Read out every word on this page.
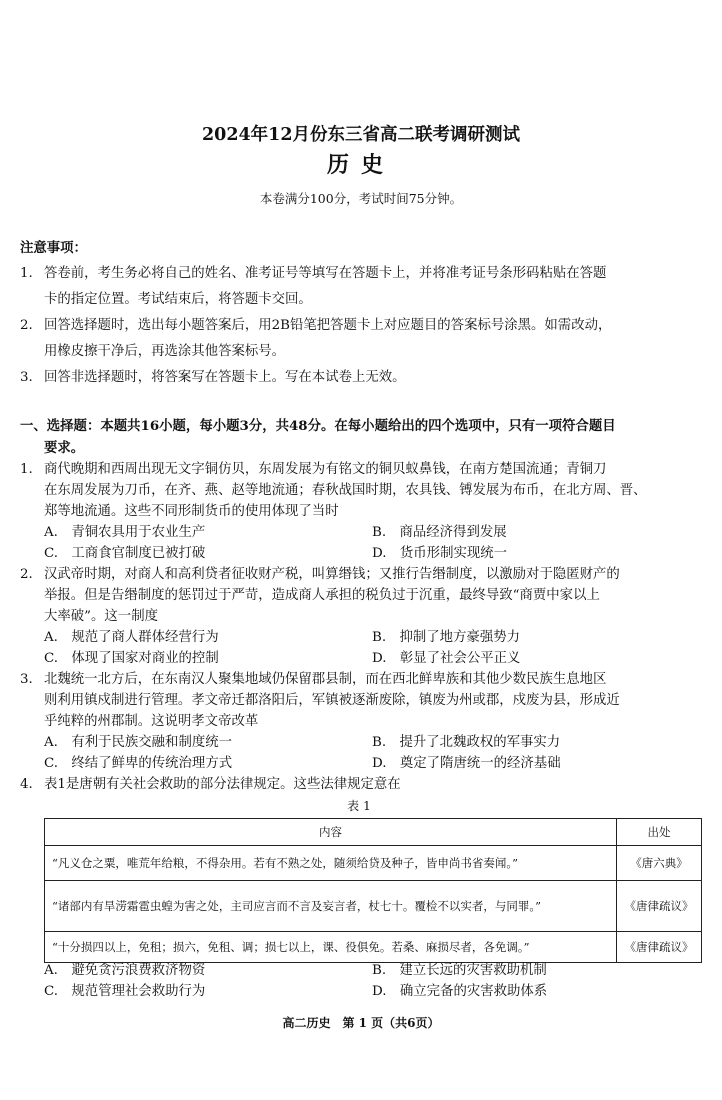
2024年12月份东三省高二联考调研测试
历史
本卷满分100分，考试时间75分钟。
注意事项：
1. 答卷前，考生务必将自己的姓名、准考证号等填写在答题卡上，并将准考证号条形码粘贴在答题
卡的指定位置。考试结束后，将答题卡交回。
2. 回答选择题时，选出每小题答案后，用2B铅笔把答题卡上对应题目的答案标号涂黑。如需改动，
用橡皮擦干净后，再选涂其他答案标号。
3. 回答非选择题时，将答案写在答题卡上。写在本试卷上无效。
一、选择题：本题共16小题，每小题3分，共48分。在每小题给出的四个选项中，只有一项符合题目
要求。
1. 商代晚期和西周出现无文字铜仿贝，东周发展为有铭文的铜贝蚁鼻钱，在南方楚国流通；青铜刀
在东周发展为刀币，在齐、燕、赵等地流通；春秋战国时期，农具钱、镈发展为布币，在北方周、晋、
郑等地流通。这些不同形制货币的使用体现了当时
A.　青铜农具用于农业生产	B.　商品经济得到发展
C.　工商食官制度已被打破	D.　货币形制实现统一
2. 汉武帝时期，对商人和高利贷者征收财产税，叫算缗钱；又推行告缗制度，以激励对于隐匿财产的
举报。但是告缗制度的惩罚过于严苛，造成商人承担的税负过于沉重，最终导致“商贾中家以上
大率破”。这一制度
A.　规范了商人群体经营行为	B.　抑制了地方豪强势力
C.　体现了国家对商业的控制	D.　彰显了社会公平正义
3. 北魏统一北方后，在东南汉人聚集地域仍保留郡县制，而在西北鲜卑族和其他少数民族生息地区
则利用镇戍制进行管理。孝文帝迁都洛阳后，军镇被逐渐废除，镇废为州或郡，戍废为县，形成近
乎纯粹的州郡制。这说明孝文帝改革
A.　有利于民族交融和制度统一	B.　提升了北魏政权的军事实力
C.　终结了鲜卑的传统治理方式	D.　奠定了隋唐统一的经济基础
4. 表1是唐朝有关社会救助的部分法律规定。这些法律规定意在
表1
内容	出处
“凡义仓之粟，唯荒年给粮，不得杂用。若有不熟之处，随须给贷及种子，皆申尚书省奏闻。”	《唐六典》
“诸部内有旱涝霜雹虫蝗为害之处，主司应言而不言及妄言者，杖七十。覆检不以实者，与同罪。”	《唐律疏议》
“十分损四以上，免租；损六，免租、调；损七以上，课、役俱免。若桑、麻损尽者，各免调。”	《唐律疏议》
A.　避免贪污浪费救济物资	B.　建立长远的灾害救助机制
C.　规范管理社会救助行为	D.　确立完备的灾害救助体系
高二历史　第 1 页（共6页）
